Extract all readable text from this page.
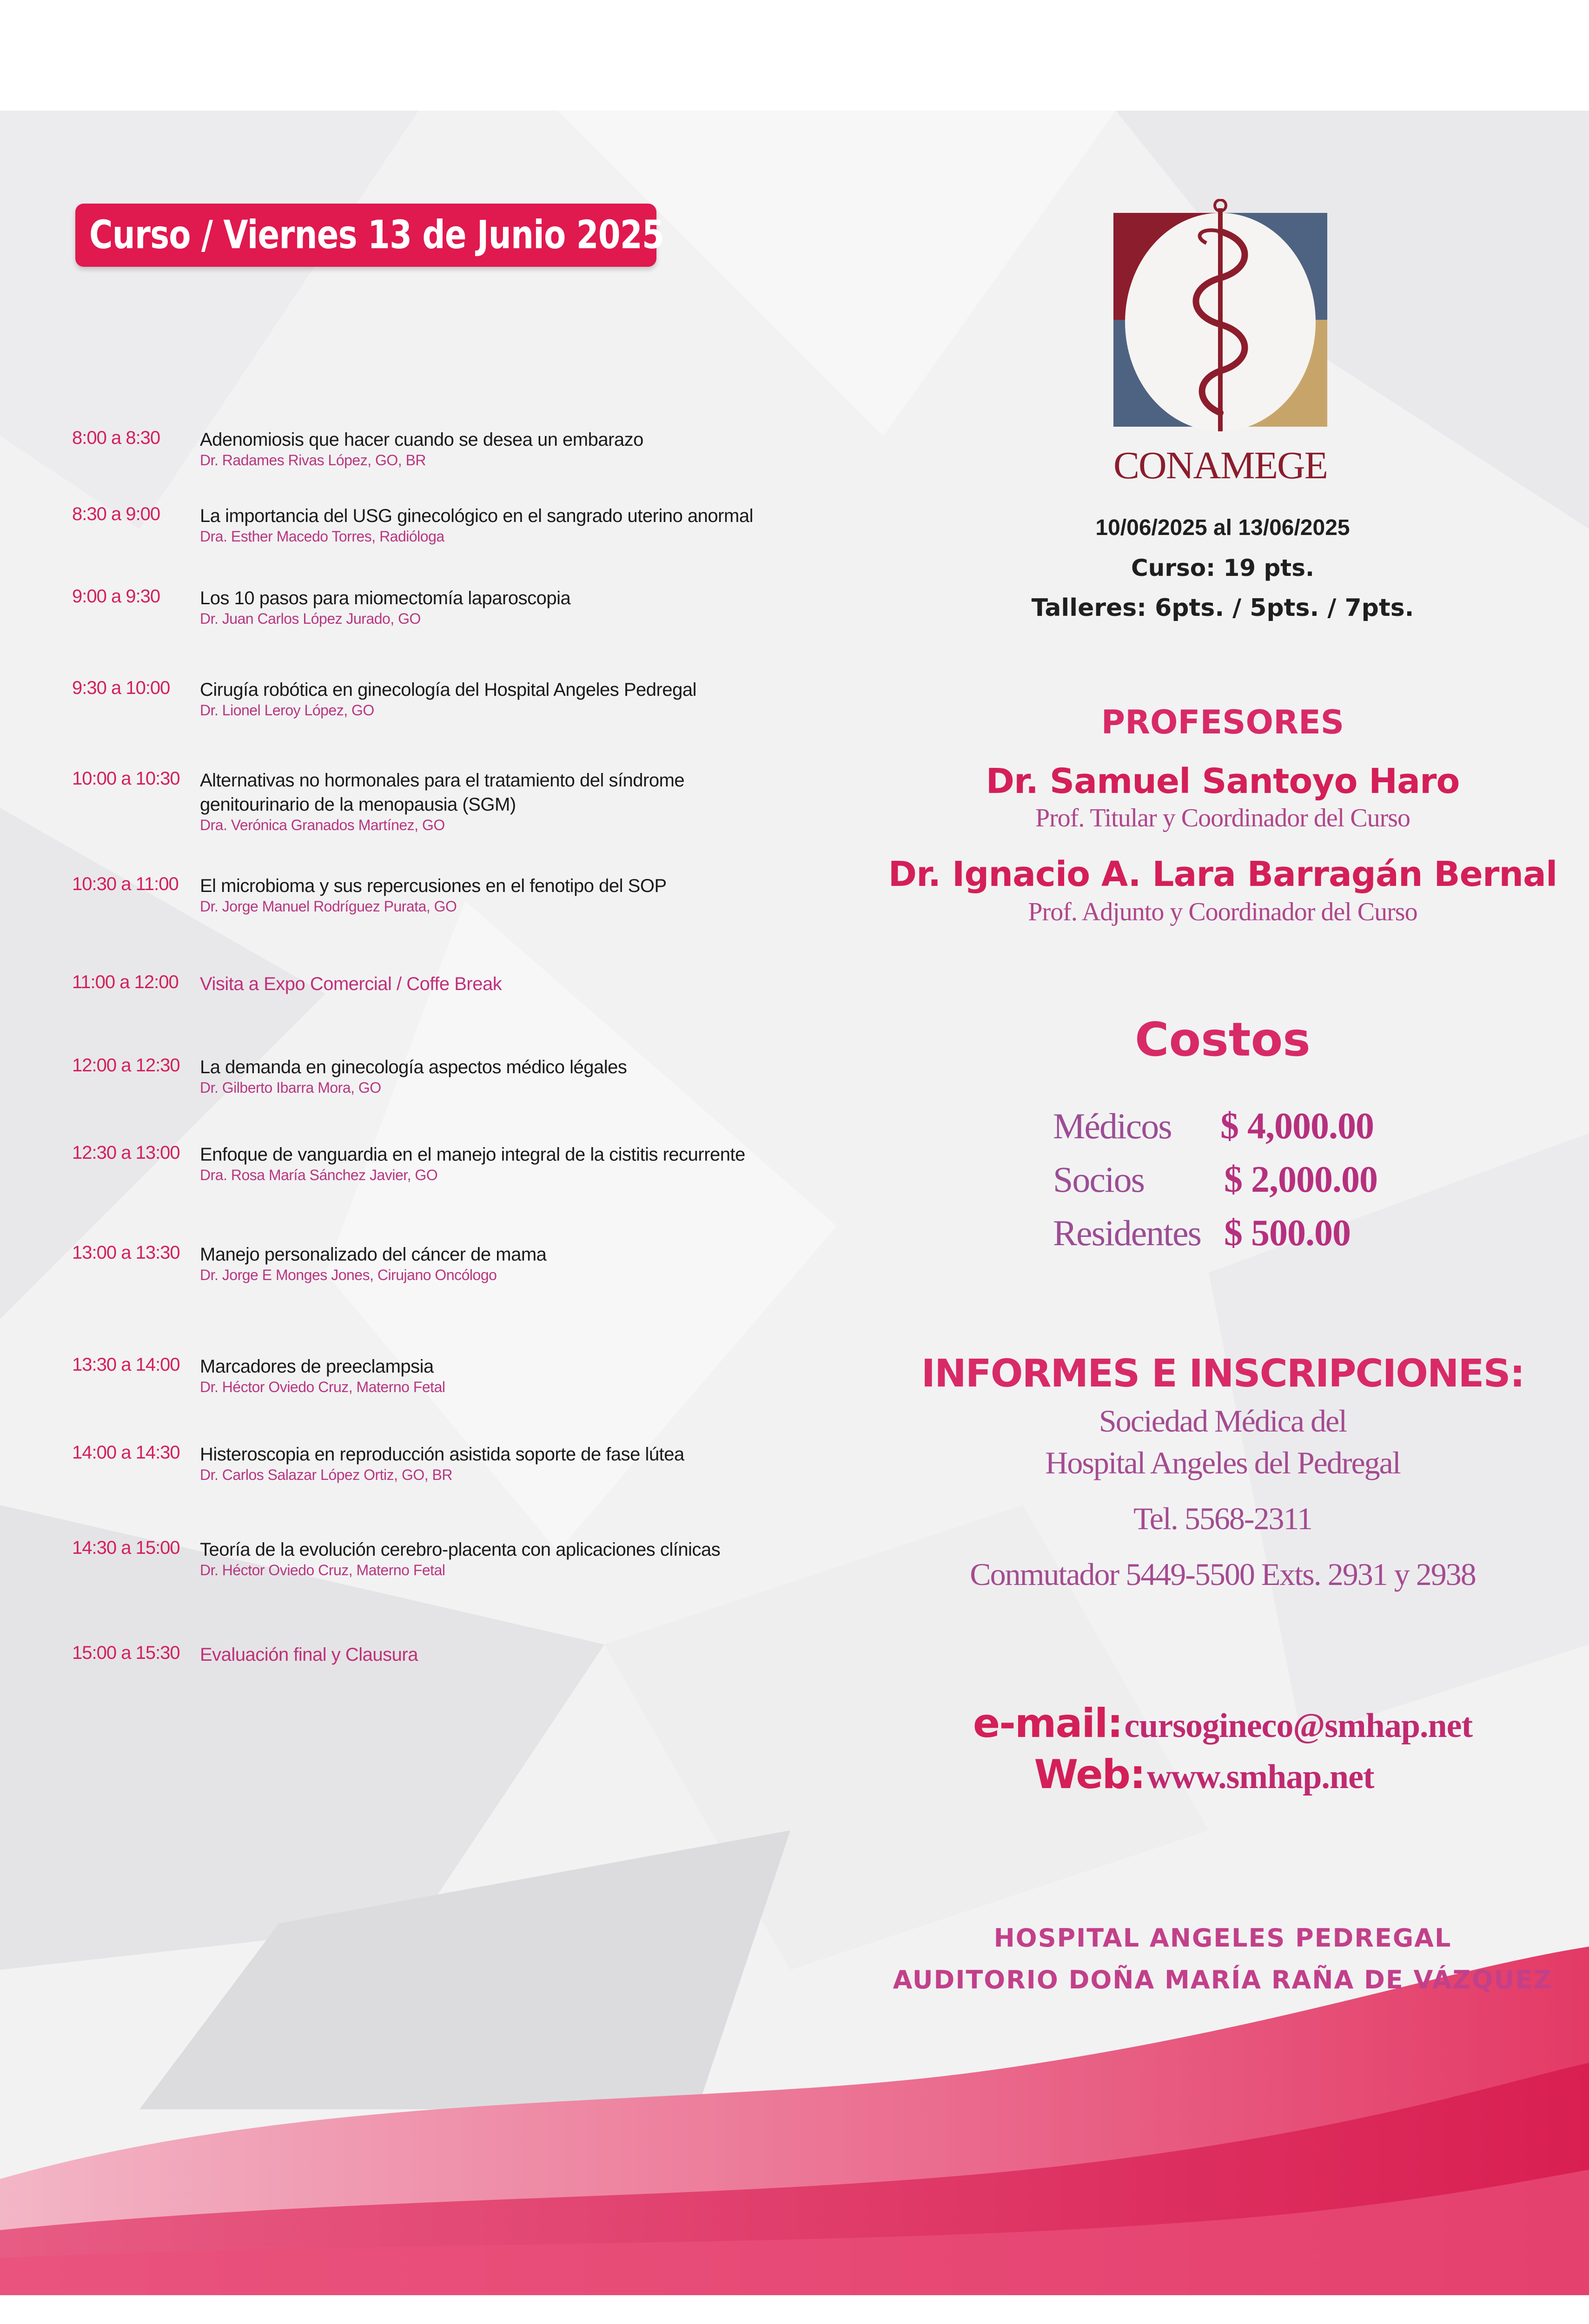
Curso / Viernes 13 de Junio 2025
8:00 a 8:30	Adenomiosis que hacer cuando se desea un embarazo
Dr. Radames Rivas López, GO, BR
8:30 a 9:00	La importancia del USG ginecológico en el sangrado uterino anormal
Dra. Esther Macedo Torres, Radióloga
9:00 a 9:30	Los 10 pasos para miomectomía laparoscopia
Dr. Juan Carlos López Jurado, GO
9:30 a 10:00	Cirugía robótica en ginecología del Hospital Angeles Pedregal
Dr. Lionel Leroy López, GO
10:00 a 10:30	Alternativas no hormonales para el tratamiento del síndrome genitourinario de la menopausia (SGM)
Dra. Verónica Granados Martínez, GO
10:30 a 11:00	El microbioma y sus repercusiones en el fenotipo del SOP
Dr. Jorge Manuel Rodríguez Purata, GO
11:00 a 12:00	Visita a Expo Comercial / Coffe Break
12:00 a 12:30	La demanda en ginecología aspectos médico légales
Dr. Gilberto Ibarra Mora, GO
12:30 a 13:00	Enfoque de vanguardia en el manejo integral de la cistitis recurrente
Dra. Rosa María Sánchez Javier, GO
13:00 a 13:30	Manejo personalizado del cáncer de mama
Dr. Jorge E Monges Jones, Cirujano Oncólogo
13:30 a 14:00	Marcadores de preeclampsia
Dr. Héctor Oviedo Cruz, Materno Fetal
14:00 a 14:30	Histeroscopia en reproducción asistida soporte de fase lútea
Dr. Carlos Salazar López Ortiz, GO, BR
14:30 a 15:00	Teoría de la evolución cerebro-placenta con aplicaciones clínicas
Dr. Héctor Oviedo Cruz, Materno Fetal
15:00 a 15:30	Evaluación final y Clausura
CONAMEGE
10/06/2025 al 13/06/2025
Curso: 19 pts.
Talleres: 6pts. / 5pts. / 7pts.
PROFESORES
Dr. Samuel Santoyo Haro
Prof. Titular y Coordinador del Curso
Dr. Ignacio A. Lara Barragán Bernal
Prof. Adjunto y Coordinador del Curso
Costos
Médicos $ 4,000.00
Socios $ 2,000.00
Residentes $ 500.00
INFORMES E INSCRIPCIONES:
Sociedad Médica del
Hospital Angeles del Pedregal
Tel. 5568-2311
Conmutador 5449-5500 Exts. 2931 y 2938
e-mail: cursogineco@smhap.net
Web: www.smhap.net
HOSPITAL ANGELES PEDREGAL
AUDITORIO DOÑA MARÍA RAÑA DE VÁZQUEZ
